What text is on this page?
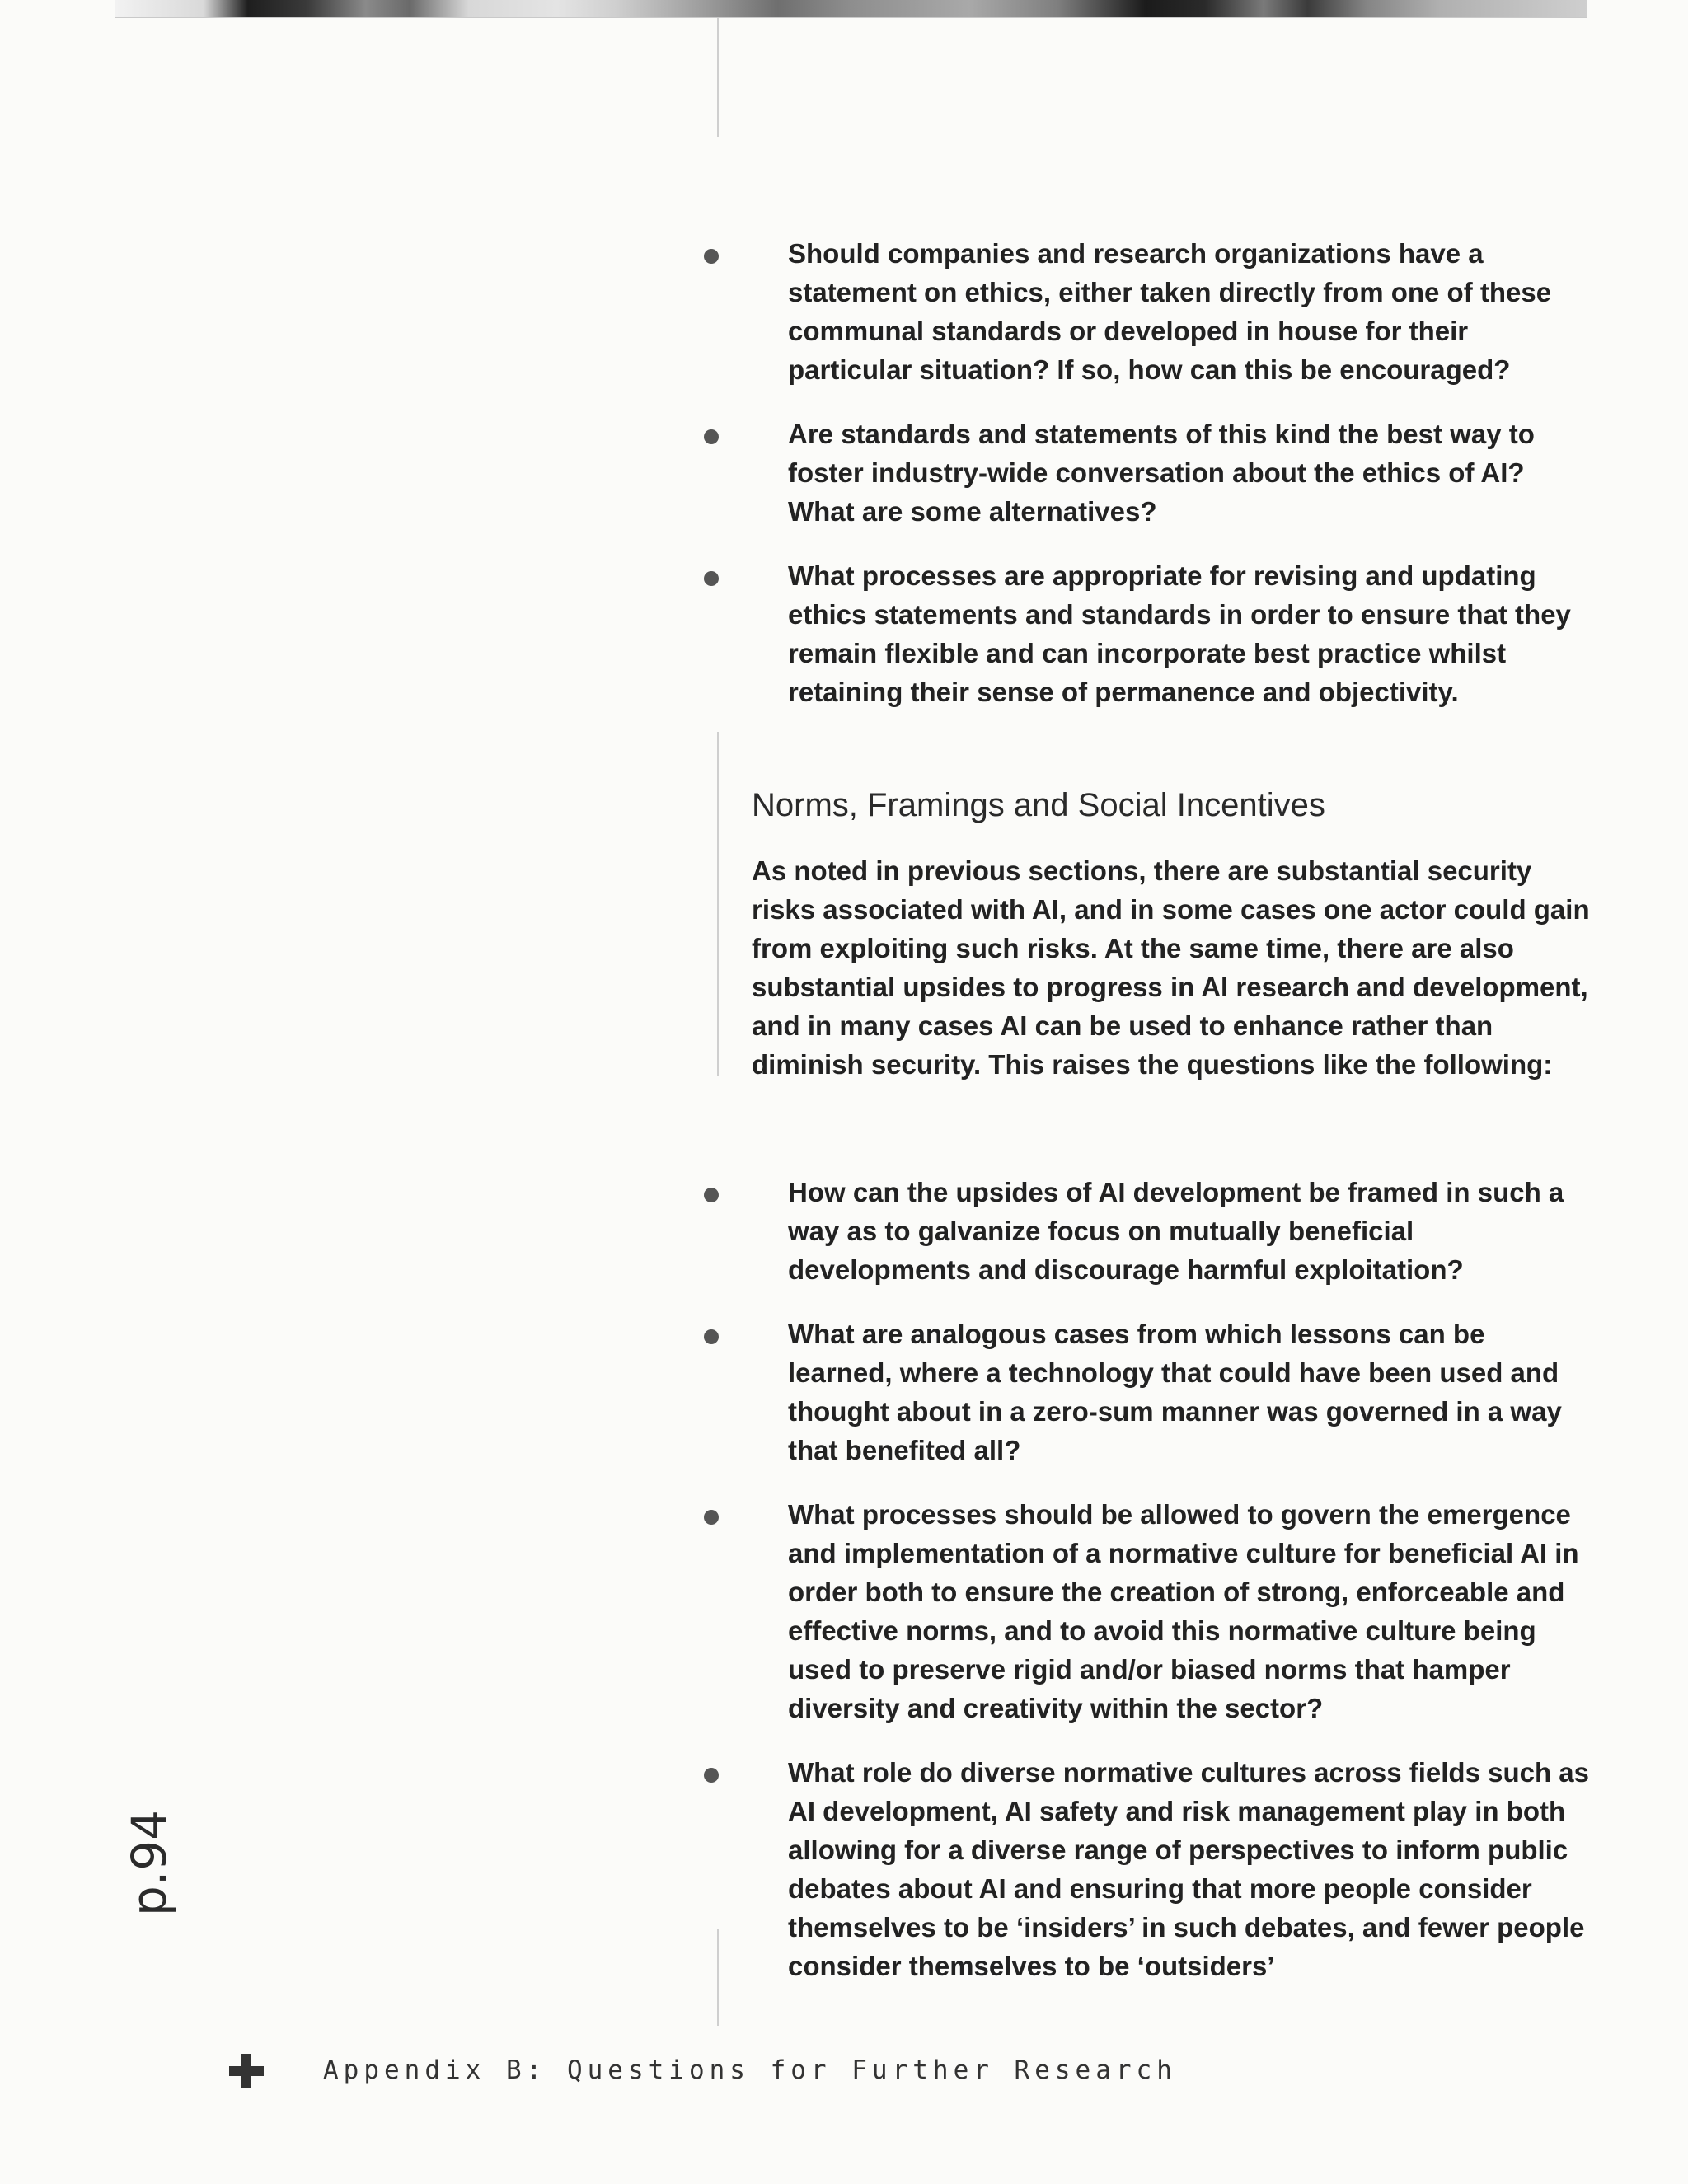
Should companies and research organizations have a statement on ethics, either taken directly from one of these communal standards or developed in house for their particular situation? If so, how can this be encouraged?
Are standards and statements of this kind the best way to foster industry-wide conversation about the ethics of AI? What are some alternatives?
What processes are appropriate for revising and updating ethics statements and standards in order to ensure that they remain flexible and can incorporate best practice whilst retaining their sense of permanence and objectivity.
Norms, Framings and Social Incentives

As noted in previous sections, there are substantial security risks associated with AI, and in some cases one actor could gain from exploiting such risks. At the same time, there are also substantial upsides to progress in AI research and development, and in many cases AI can be used to enhance rather than diminish security. This raises the questions like the following:

How can the upsides of AI development be framed in such a way as to galvanize focus on mutually beneficial developments and discourage harmful exploitation?
What are analogous cases from which lessons can be learned, where a technology that could have been used and thought about in a zero-sum manner was governed in a way that benefited all?
What processes should be allowed to govern the emergence and implementation of a normative culture for beneficial AI in order both to ensure the creation of strong, enforceable and effective norms, and to avoid this normative culture being used to preserve rigid and/or biased norms that hamper diversity and creativity within the sector?
What role do diverse normative cultures across fields such as AI development, AI safety and risk management play in both allowing for a diverse range of perspectives to inform public debates about AI and ensuring that more people consider themselves to be ‘insiders’ in such debates, and fewer people consider themselves to be ‘outsiders’
p.94

Appendix B: Questions for Further Research
